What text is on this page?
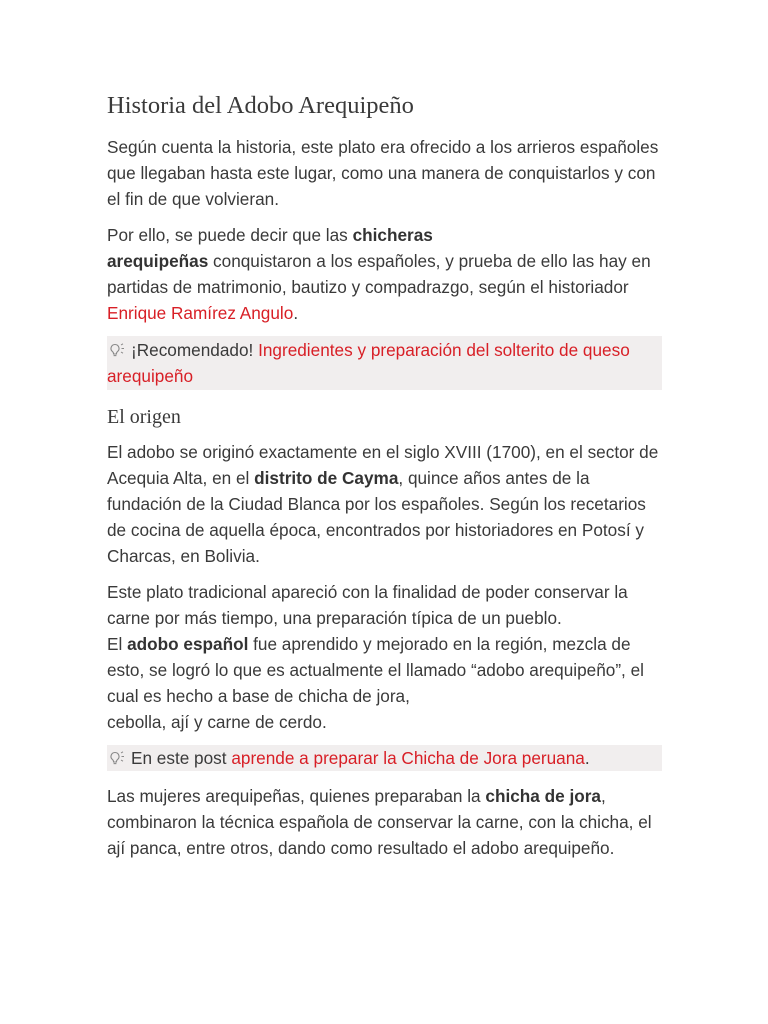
Historia del Adobo Arequipeño

Según cuenta la historia, este plato era ofrecido a los arrieros españoles que llegaban hasta este lugar, como una manera de conquistarlos y con el fin de que volvieran.

Por ello, se puede decir que las chicheras
arequipeñas conquistaron a los españoles, y prueba de ello las hay en partidas de matrimonio, bautizo y compadrazgo, según el historiador Enrique Ramírez Angulo.

¡Recomendado! Ingredientes y preparación del solterito de queso arequipeño
El origen

El adobo se originó exactamente en el siglo XVIII (1700), en el sector de Acequia Alta, en el distrito de Cayma, quince años antes de la fundación de la Ciudad Blanca por los españoles. Según los recetarios de cocina de aquella época, encontrados por historiadores en Potosí y Charcas, en Bolivia.

Este plato tradicional apareció con la finalidad de poder conservar la carne por más tiempo, una preparación típica de un pueblo.
El adobo español fue aprendido y mejorado en la región, mezcla de esto, se logró lo que es actualmente el llamado “adobo arequipeño”, el cual es hecho a base de chicha de jora,
cebolla, ají y carne de cerdo.

En este post aprende a preparar la Chicha de Jora peruana.

Las mujeres arequipeñas, quienes preparaban la chicha de jora, combinaron la técnica española de conservar la carne, con la chicha, el ají panca, entre otros, dando como resultado el adobo arequipeño.
